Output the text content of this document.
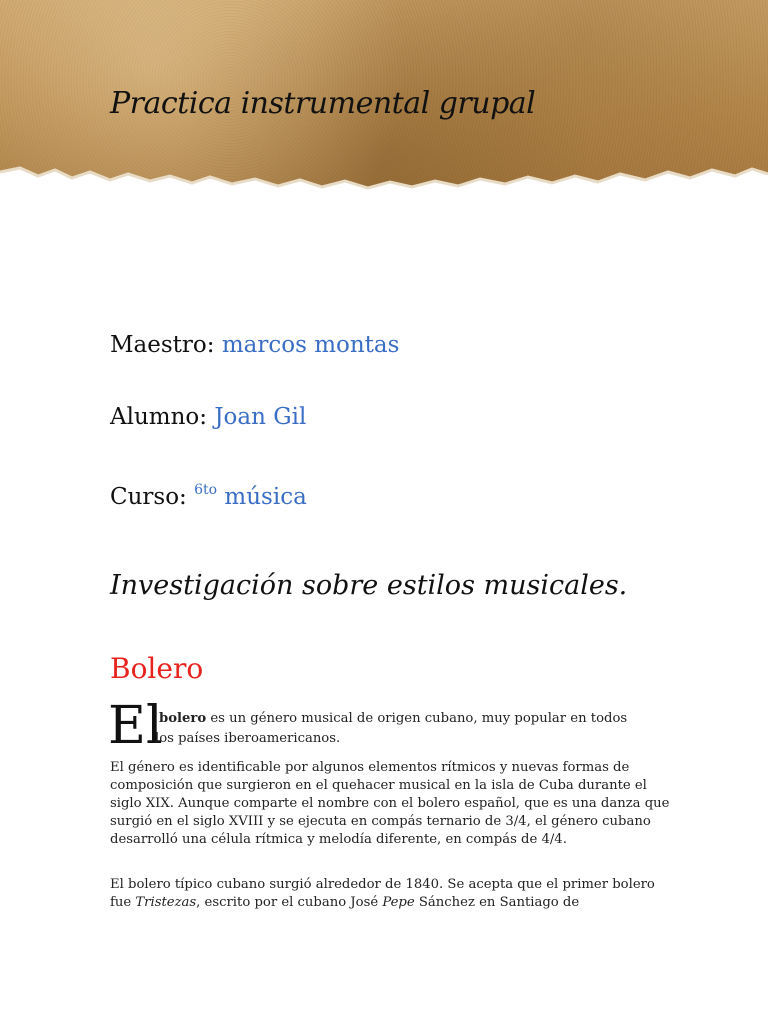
Practica instrumental grupal

Maestro: marcos montas

Alumno: Joan Gil

Curso: $^{6to}$ música

Investigación sobre estilos musicales.
Bolero
El

bolero es un género musical de origen cubano, muy popular en todos

los países iberoamericanos.

El género es identificable por algunos elementos rítmicos y nuevas formas de composición que surgieron en el quehacer musical en la isla de Cuba durante el siglo XIX. Aunque comparte el nombre con el bolero español, que es una danza que surgió en el siglo XVIII y se ejecuta en compás ternario de 3/4, el género cubano desarrolló una célula rítmica y melodía diferente, en compás de 4/4.

El bolero típico cubano surgió alrededor de 1840. Se acepta que el primer bolero fue Tristezas, escrito por el cubano José Pepe Sánchez en Santiago de
